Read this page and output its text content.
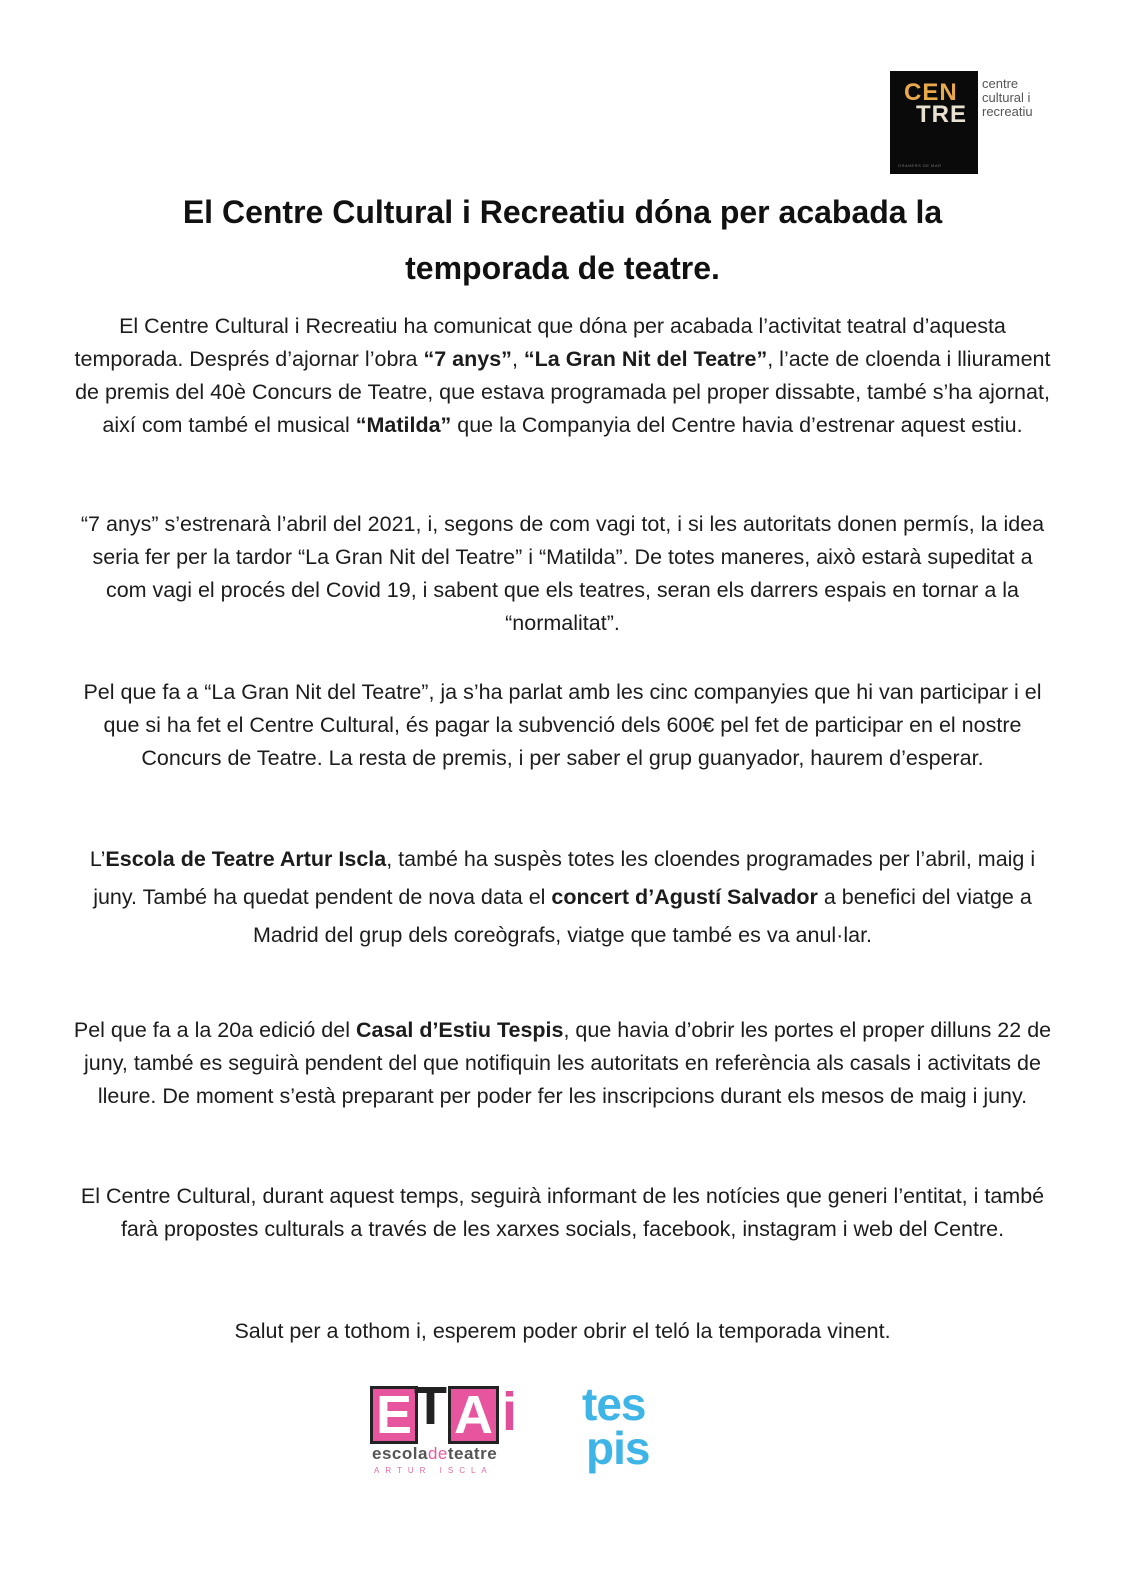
CEN
TRE
GRANERS DE MAR
centre
cultural i
recreatiu
El Centre Cultural i Recreatiu dóna per acabada la temporada de teatre.

El Centre Cultural i Recreatiu ha comunicat que dóna per acabada l’activitat teatral d’aquesta temporada. Després d’ajornar l’obra “7 anys”, “La Gran Nit del Teatre”, l’acte de cloenda i lliurament de premis del 40è Concurs de Teatre, que estava programada pel proper dissabte, també s’ha ajornat, així com també el musical “Matilda” que la Companyia del Centre havia d’estrenar aquest estiu.

“7 anys” s’estrenarà l’abril del 2021, i, segons de com vagi tot, i si les autoritats donen permís, la idea seria fer per la tardor “La Gran Nit del Teatre” i “Matilda”. De totes maneres, això estarà supeditat a com vagi el procés del Covid 19, i sabent que els teatres, seran els darrers espais en tornar a la “normalitat”.

Pel que fa a “La Gran Nit del Teatre”, ja s’ha parlat amb les cinc companyies que hi van participar i el que si ha fet el Centre Cultural, és pagar la subvenció dels 600€ pel fet de participar en el nostre Concurs de Teatre. La resta de premis, i per saber el grup guanyador, haurem d’esperar.

L’Escola de Teatre Artur Iscla, també ha suspès totes les cloendes programades per l’abril, maig i juny. També ha quedat pendent de nova data el concert d’Agustí Salvador a benefici del viatge a Madrid del grup dels coreògrafs, viatge que també es va anul·lar.

Pel que fa a la 20a edició del Casal d’Estiu Tespis, que havia d’obrir les portes el proper dilluns 22 de juny, també es seguirà pendent del que notifiquin les autoritats en referència als casals i activitats de lleure. De moment s’està preparant per poder fer les inscripcions durant els mesos de maig i juny.

El Centre Cultural, durant aquest temps, seguirà informant de les notícies que generi l’entitat, i també farà propostes culturals a través de les xarxes socials, facebook, instagram i web del Centre.

Salut per a tothom i, esperem poder obrir el teló la temporada vinent.

E T A i
escoladeteatre
ARTUR ISCLA
tes
pis
